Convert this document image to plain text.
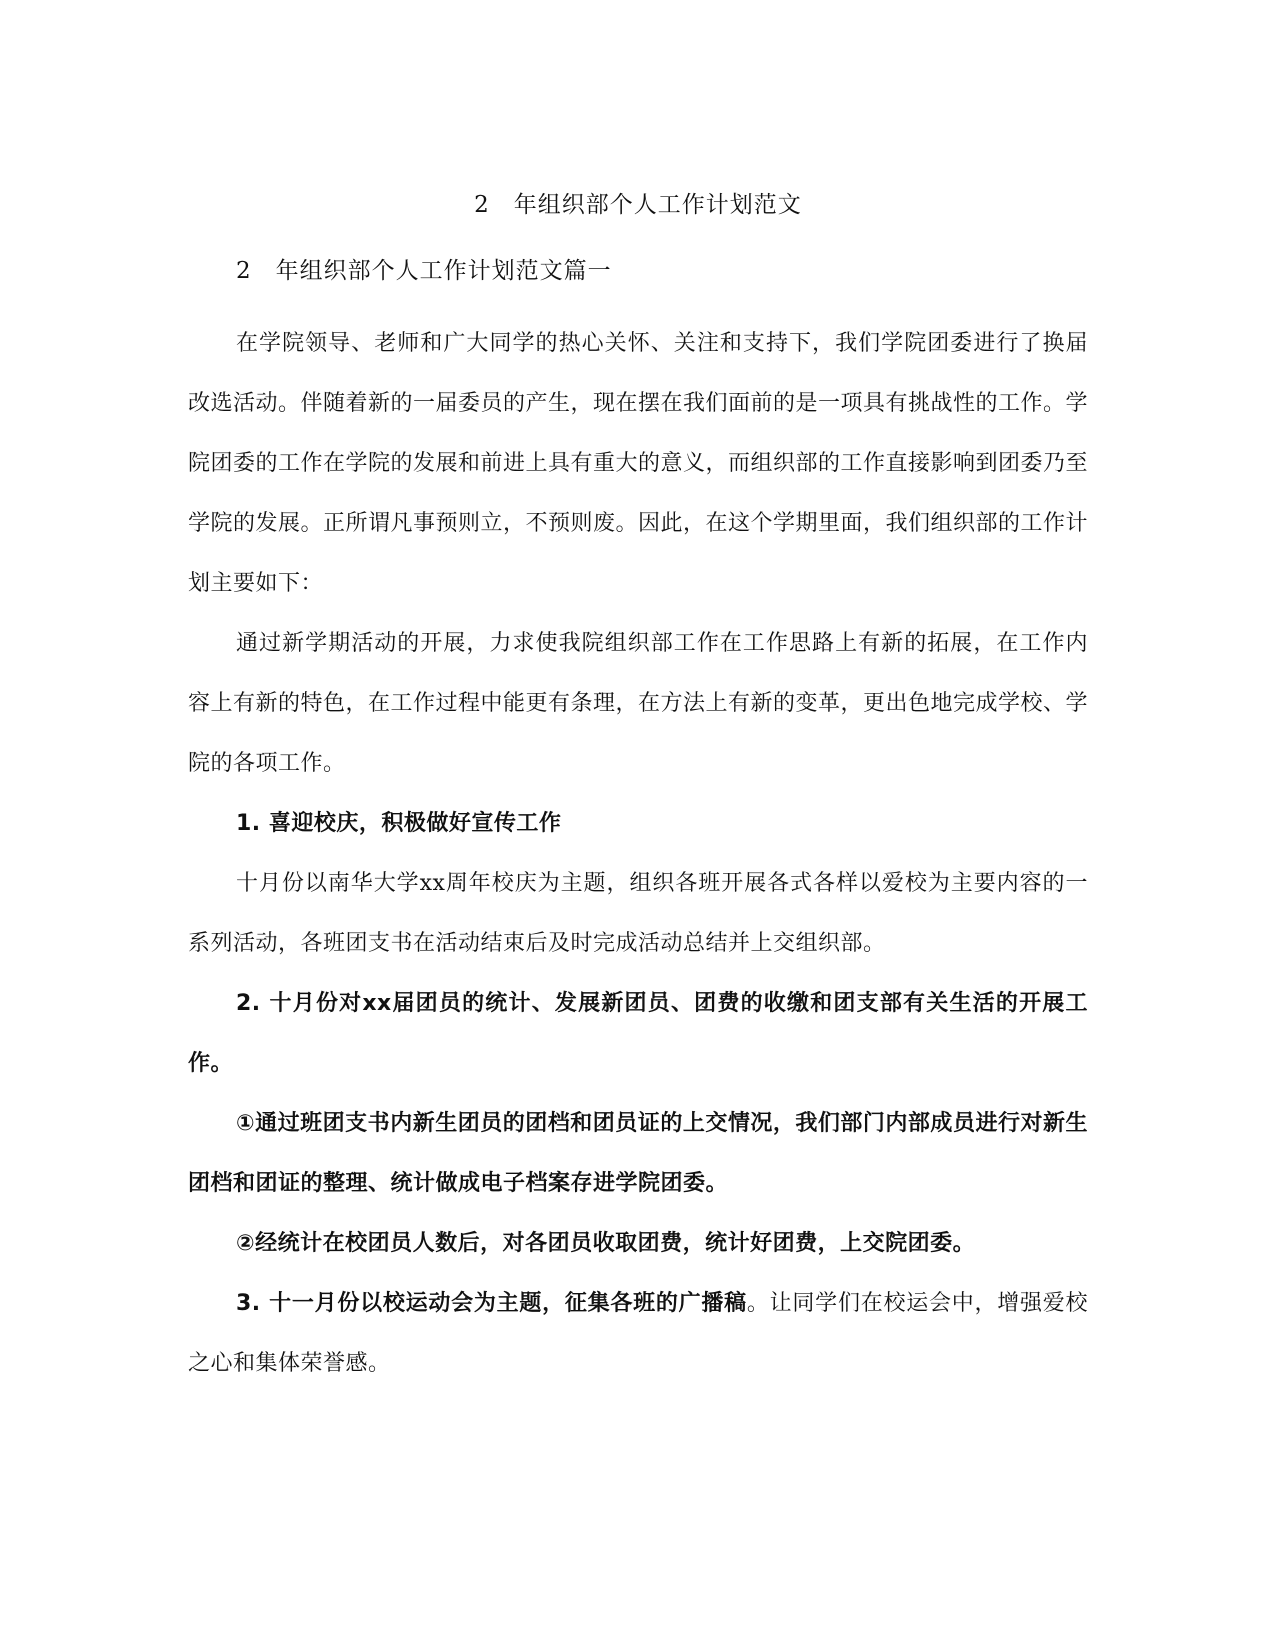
2　年组织部个人工作计划范文
2　年组织部个人工作计划范文篇一

在学院领导、老师和广大同学的热心关怀、关注和支持下，我们学院团委进行了换届改选活动。伴随着新的一届委员的产生，现在摆在我们面前的是一项具有挑战性的工作。学院团委的工作在学院的发展和前进上具有重大的意义，而组织部的工作直接影响到团委乃至学院的发展。正所谓凡事预则立，不预则废。因此，在这个学期里面，我们组织部的工作计划主要如下：

通过新学期活动的开展，力求使我院组织部工作在工作思路上有新的拓展，在工作内容上有新的特色，在工作过程中能更有条理，在方法上有新的变革，更出色地完成学校、学院的各项工作。

1. 喜迎校庆，积极做好宣传工作

十月份以南华大学xx周年校庆为主题，组织各班开展各式各样以爱校为主要内容的一系列活动，各班团支书在活动结束后及时完成活动总结并上交组织部。

2. 十月份对xx届团员的统计、发展新团员、团费的收缴和团支部有关生活的开展工作。

①通过班团支书内新生团员的团档和团员证的上交情况，我们部门内部成员进行对新生团档和团证的整理、统计做成电子档案存进学院团委。

②经统计在校团员人数后，对各团员收取团费，统计好团费，上交院团委。

3. 十一月份以校运动会为主题，征集各班的广播稿。让同学们在校运会中，增强爱校之心和集体荣誉感。
